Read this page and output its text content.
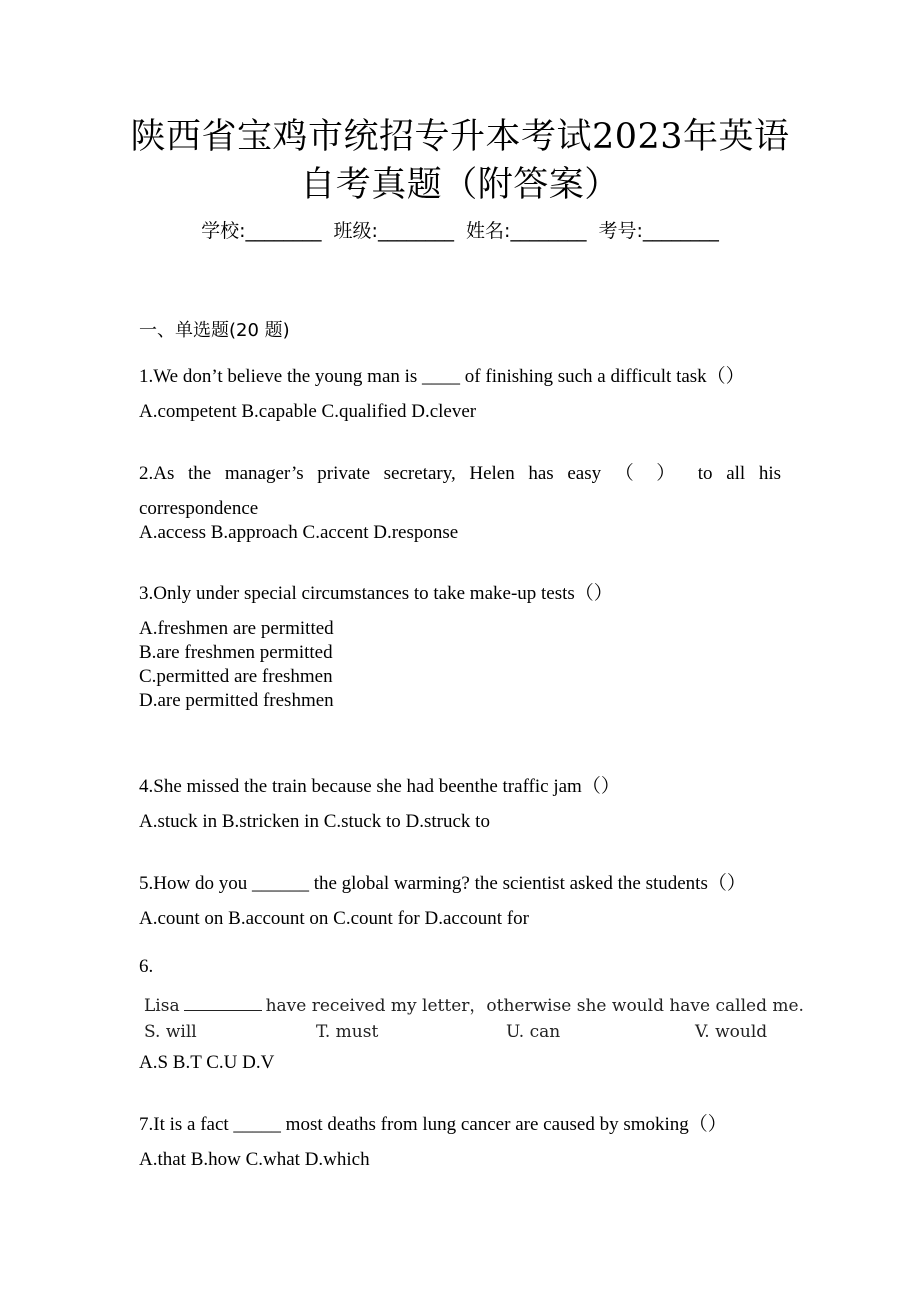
陕西省宝鸡市统招专升本考试2023年英语
自考真题（附答案）
学校:________  班级:________  姓名:________  考号:________
一、单选题(20 题)
1.We don’t believe the young man is ____ of finishing such a difficult task（）
A.competent B.capable C.qualified D.clever
2.As the manager’s private secretary, Helen has easy （ ） to all his
correspondence
A.access B.approach C.accent D.response
3.Only under special circumstances to take make-up tests（）
A.freshmen are permitted
B.are freshmen permitted
C.permitted are freshmen
D.are permitted freshmen
4.She missed the train because she had beenthe traffic jam（）
A.stuck in B.stricken in C.stuck to D.struck to
5.How do you ______ the global warming? the scientist asked the students（）
A.count on B.account on C.count for D.account for
6.
Lisa	have received my letter，otherwise she would have called me.
S. will	T. must	U. can	V. would
A.S B.T C.U D.V
7.It is a fact _____ most deaths from lung cancer are caused by smoking（）
A.that B.how C.what D.which
